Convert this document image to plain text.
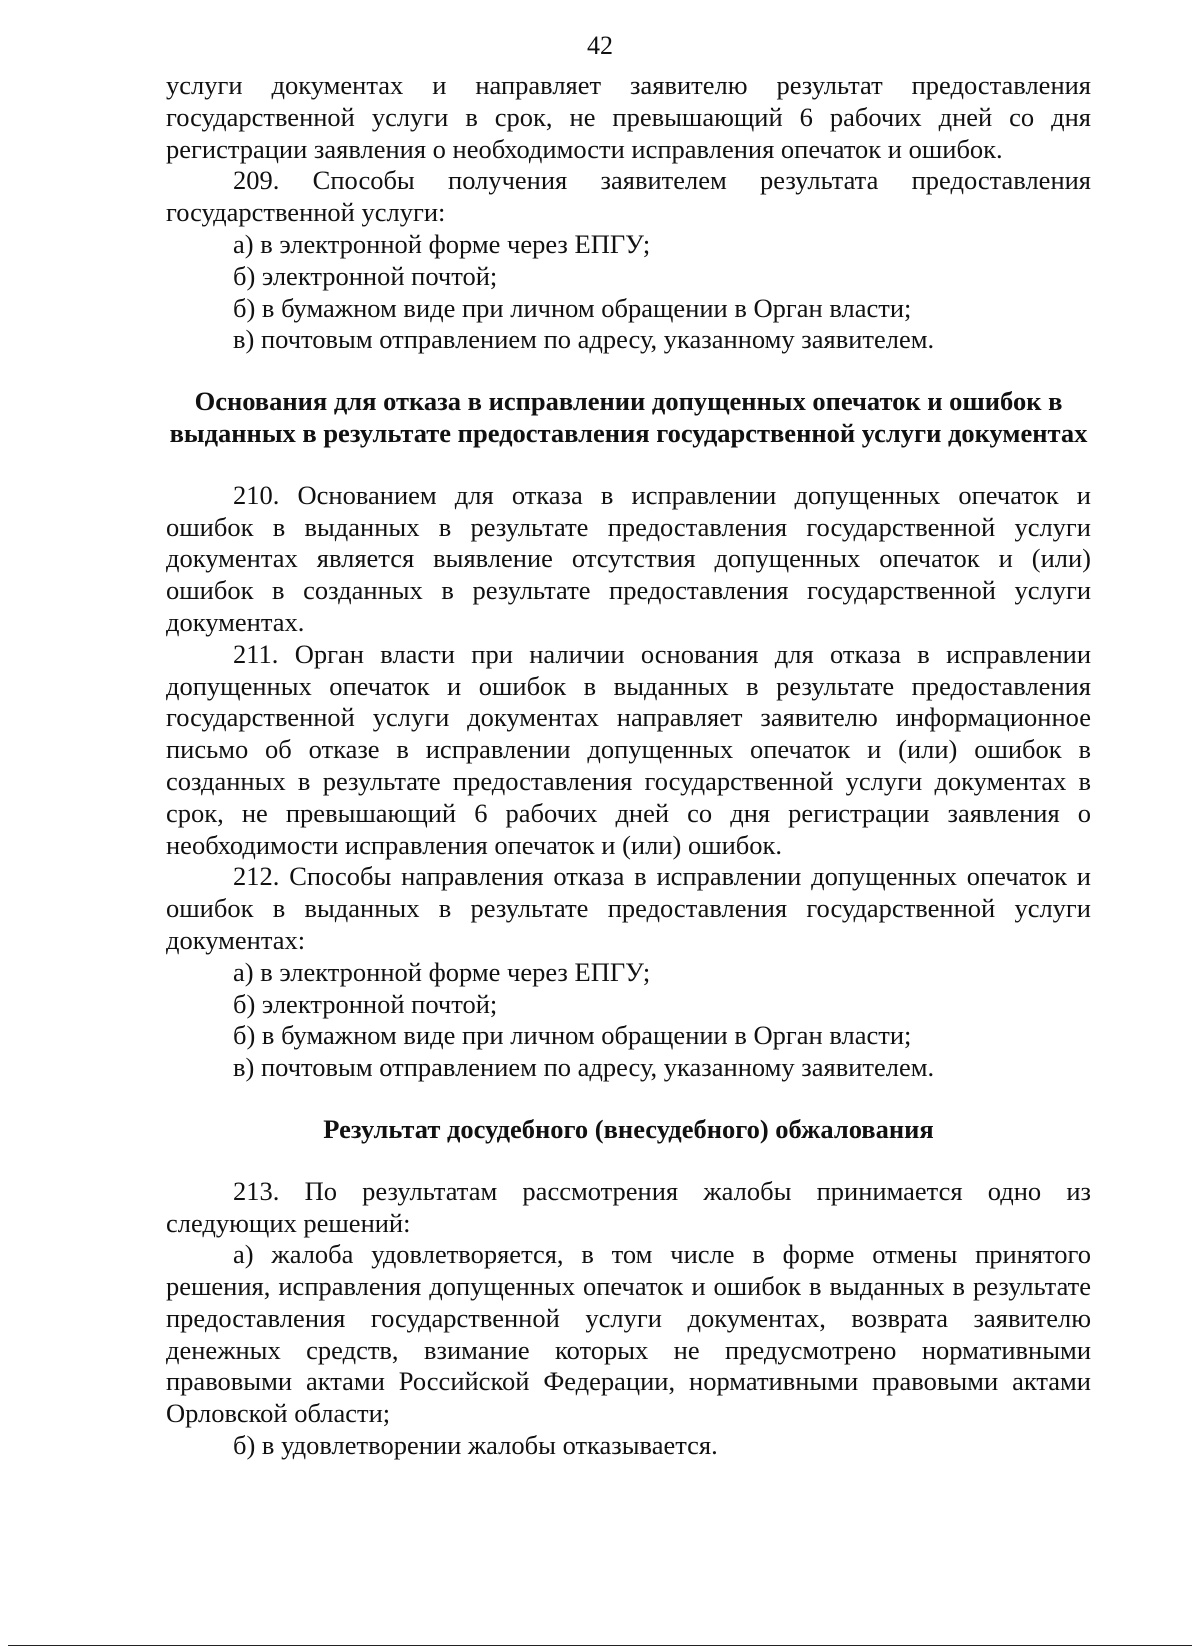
42

услуги документах и направляет заявителю результат предоставления государственной услуги в срок, не превышающий 6 рабочих дней со дня регистрации заявления о необходимости исправления опечаток и ошибок.

209. Способы получения заявителем результата предоставления государственной услуги:

а) в электронной форме через ЕПГУ;

б) электронной почтой;

б) в бумажном виде при личном обращении в Орган власти;

в) почтовым отправлением по адресу, указанному заявителем.

Основания для отказа в исправлении допущенных опечаток и ошибок в выданных в результате предоставления государственной услуги документах

210. Основанием для отказа в исправлении допущенных опечаток и ошибок в выданных в результате предоставления государственной услуги документах является выявление отсутствия допущенных опечаток и (или) ошибок в созданных в результате предоставления государственной услуги документах.

211. Орган власти при наличии основания для отказа в исправлении допущенных опечаток и ошибок в выданных в результате предоставления государственной услуги документах направляет заявителю информационное письмо об отказе в исправлении допущенных опечаток и (или) ошибок в созданных в результате предоставления государственной услуги документах в срок, не превышающий 6 рабочих дней со дня регистрации заявления о необходимости исправления опечаток и (или) ошибок.

212. Способы направления отказа в исправлении допущенных опечаток и ошибок в выданных в результате предоставления государственной услуги документах:

а) в электронной форме через ЕПГУ;

б) электронной почтой;

б) в бумажном виде при личном обращении в Орган власти;

в) почтовым отправлением по адресу, указанному заявителем.

Результат досудебного (внесудебного) обжалования

213. По результатам рассмотрения жалобы принимается одно из следующих решений:

а) жалоба удовлетворяется, в том числе в форме отмены принятого решения, исправления допущенных опечаток и ошибок в выданных в результате предоставления государственной услуги документах, возврата заявителю денежных средств, взимание которых не предусмотрено нормативными правовыми актами Российской Федерации, нормативными правовыми актами Орловской области;

б) в удовлетворении жалобы отказывается.
